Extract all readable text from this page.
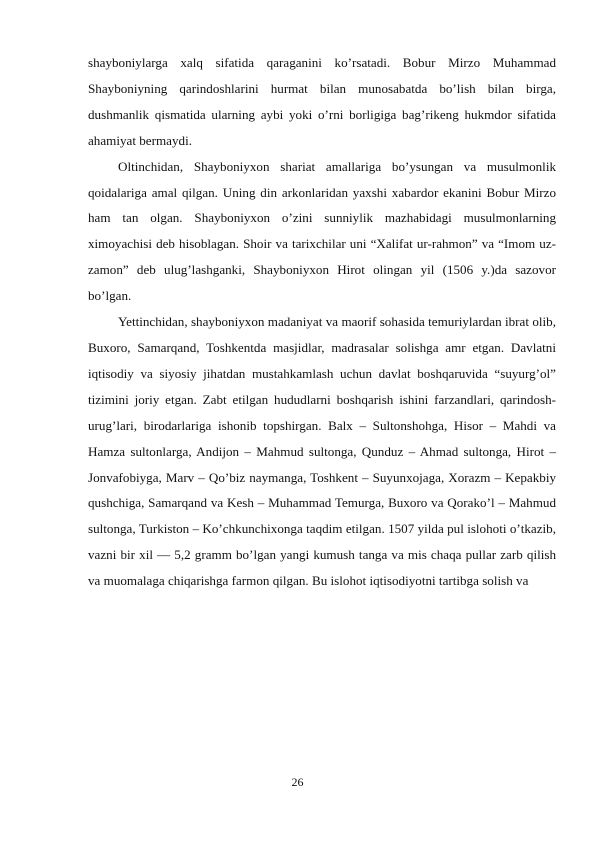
shayboniylarga xalq sifatida qaraganini koʼrsatadi. Bobur Mirzo Muhammad Shayboniyning qarindoshlarini hurmat bilan munosabatda boʼlish bilan birga, dushmanlik qismatida ularning aybi yoki oʼrni borligiga bagʼrikeng hukmdor sifatida ahamiyat bermaydi.

Oltinchidan, Shayboniyxon shariat amallariga boʼysungan va musulmonlik qoidalariga amal qilgan. Uning din arkonlaridan yaxshi xabardor ekanini Bobur Mirzo ham tan olgan. Shayboniyxon oʼzini sunniylik mazhabidagi musulmonlarning ximoyachisi deb hisoblagan. Shoir va tarixchilar uni “Xalifat ur-rahmon” va “Imom uz-zamon” deb ulugʼlashganki, Shayboniyxon Hirot olingan yil (1506 y.)da sazovor boʼlgan.

Yettinchidan, shayboniyxon madaniyat va maorif sohasida temuriylardan ibrat olib, Buxoro, Samarqand, Toshkentda masjidlar, madrasalar solishga amr etgan. Davlatni iqtisodiy va siyosiy jihatdan mustahkamlash uchun davlat boshqaruvida “suyurgʼol” tizimini joriy etgan. Zabt etilgan hududlarni boshqarish ishini farzandlari, qarindosh-urugʼlari, birodarlariga ishonib topshirgan. Balx – Sultonshohga, Hisor – Mahdi va Hamza sultonlarga, Andijon – Mahmud sultonga, Qunduz – Ahmad sultonga, Hirot – Jonvafobiyga, Marv – Qoʼbiz naymanga, Toshkent – Suyunxojaga, Xorazm – Kepakbiy qushchiga, Samarqand va Kesh – Muhammad Temurga, Buxoro va Qorakoʼl – Mahmud sultonga, Turkiston – Koʼchkunchixonga taqdim etilgan. 1507 yilda pul islohoti oʼtkazib, vazni bir xil — 5,2 gramm boʼlgan yangi kumush tanga va mis chaqa pullar zarb qilish va muomalaga chiqarishga farmon qilgan. Bu islohot iqtisodiyotni tartibga solish va

26
